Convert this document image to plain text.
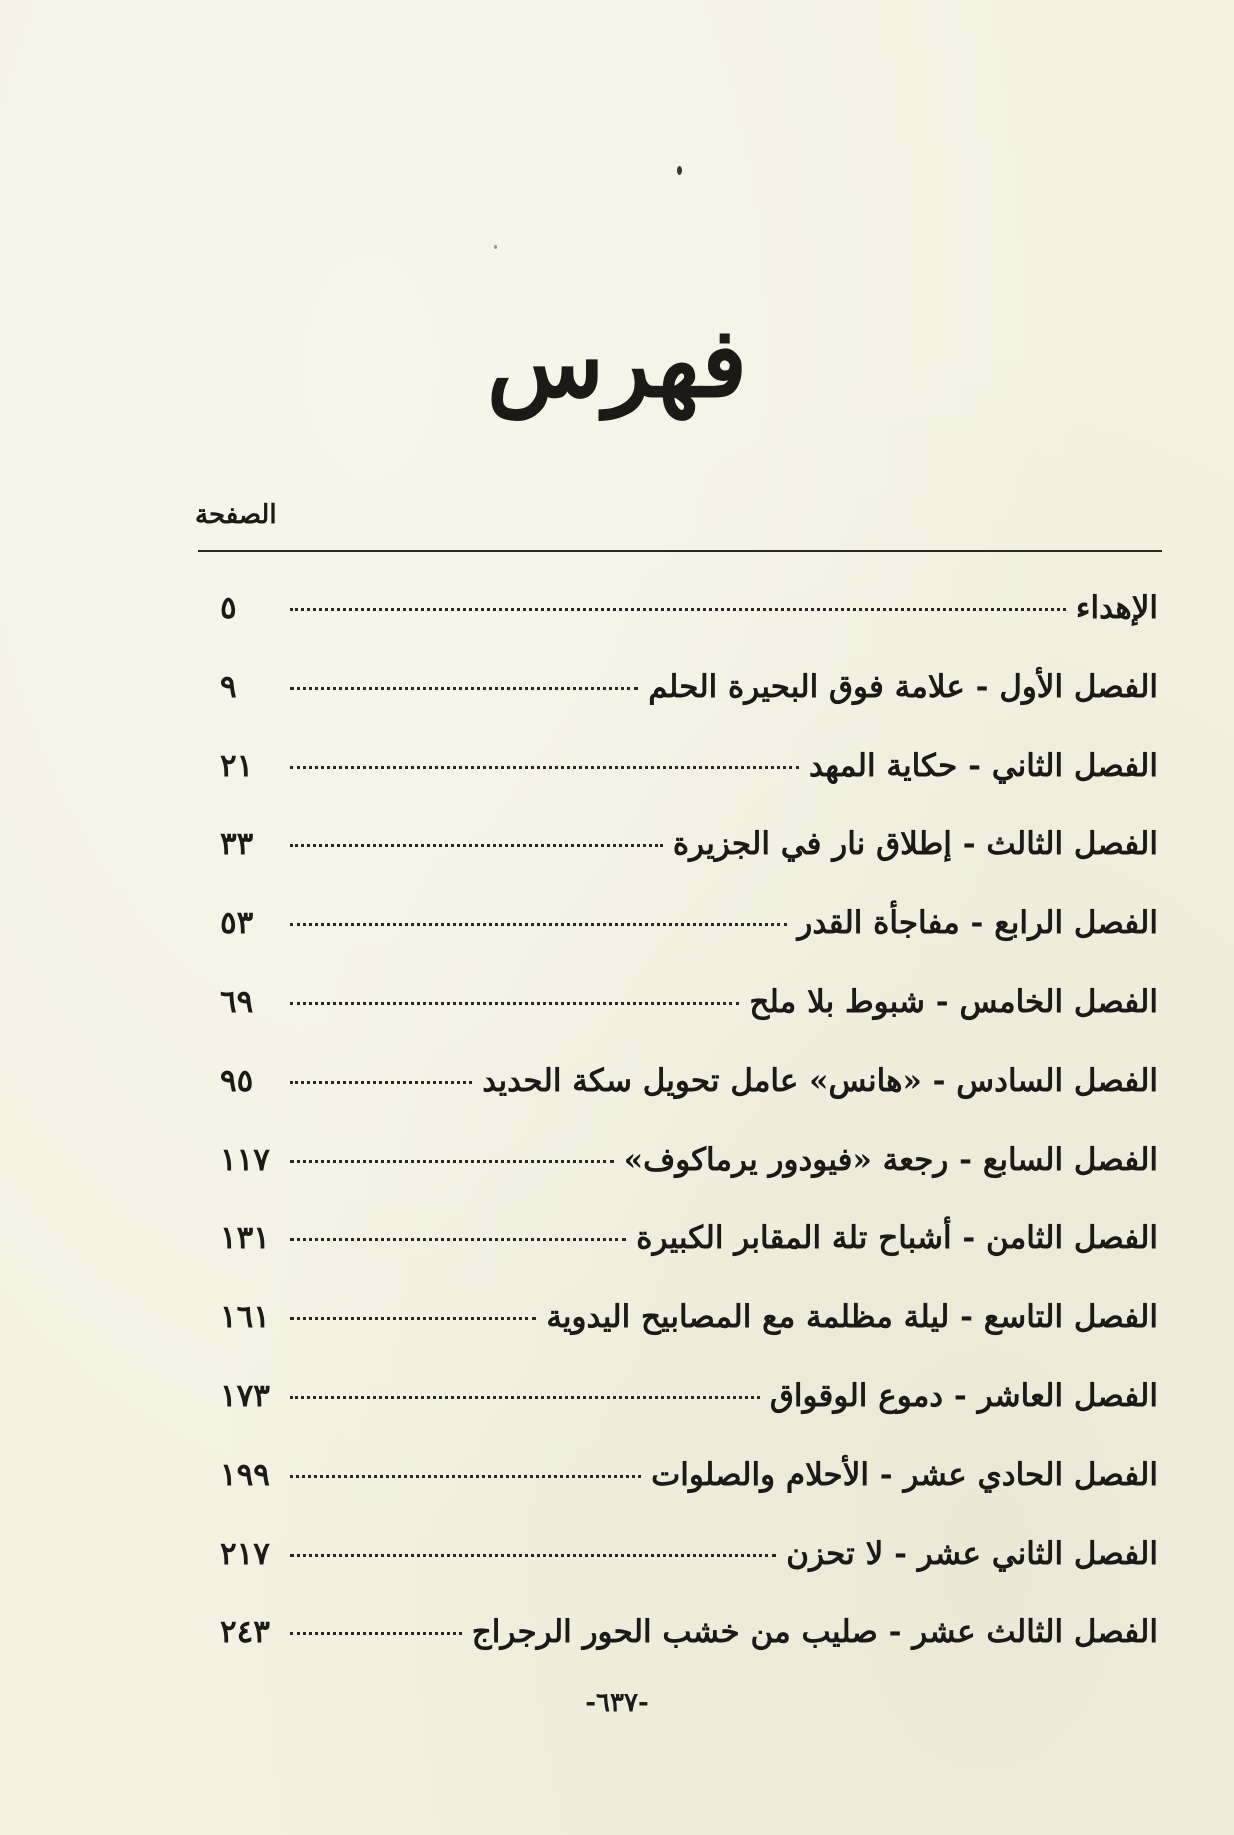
فهرس
الصفحة
الإهداء
٥
الفصل الأول - علامة فوق البحيرة الحلم
٩
الفصل الثاني - حكاية المهد
٢١
الفصل الثالث - إطلاق نار في الجزيرة
٣٣
الفصل الرابع - مفاجأة القدر
٥٣
الفصل الخامس - شبوط بلا ملح
٦٩
الفصل السادس - «هانس» عامل تحويل سكة الحديد
٩٥
الفصل السابع - رجعة «فيودور يرماكوف»
١١٧
الفصل الثامن - أشباح تلة المقابر الكبيرة
١٣١
الفصل التاسع - ليلة مظلمة مع المصابيح اليدوية
١٦١
الفصل العاشر - دموع الوقواق
١٧٣
الفصل الحادي عشر - الأحلام والصلوات
١٩٩
الفصل الثاني عشر - لا تحزن
٢١٧
الفصل الثالث عشر - صليب من خشب الحور الرجراج
٢٤٣
-٦٣٧-
